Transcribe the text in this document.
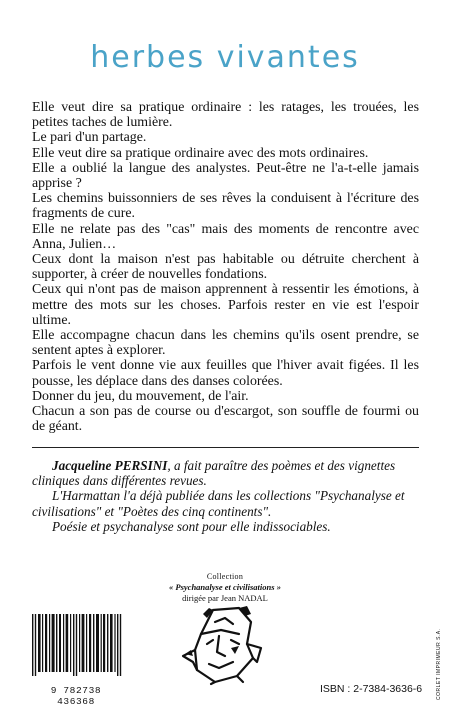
herbes vivantes

Elle veut dire sa pratique ordinaire : les ratages, les trouées, les petites taches de lumière.

Le pari d'un partage.

Elle veut dire sa pratique ordinaire avec des mots ordinaires.

Elle a oublié la langue des analystes. Peut-être ne l'a-t-elle jamais apprise ?

Les chemins buissonniers de ses rêves la conduisent à l'écriture des fragments de cure.

Elle ne relate pas des "cas" mais des moments de rencontre avec Anna, Julien…

Ceux dont la maison n'est pas habitable ou détruite cherchent à supporter, à créer de nouvelles fondations.

Ceux qui n'ont pas de maison apprennent à ressentir les émotions, à mettre des mots sur les choses. Parfois rester en vie est l'espoir ultime.

Elle accompagne chacun dans les chemins qu'ils osent prendre, se sentent aptes à explorer.

Parfois le vent donne vie aux feuilles que l'hiver avait figées. Il les pousse, les déplace dans des danses colorées.

Donner du jeu, du mouvement, de l'air.

Chacun a son pas de course ou d'escargot, son souffle de fourmi ou de géant.

Jacqueline PERSINI, a fait paraître des poèmes et des vignettes cliniques dans différentes revues.

L'Harmattan l'a déjà publiée dans les collections "Psychanalyse et civilisations" et "Poètes des cinq continents".

Poésie et psychanalyse sont pour elle indissociables.

Collection
« Psychanalyse et civilisations »
dirigée par Jean NADAL
9 782738 436368
ISBN : 2-7384-3636-6	CORLET IMPRIMEUR S.A.
